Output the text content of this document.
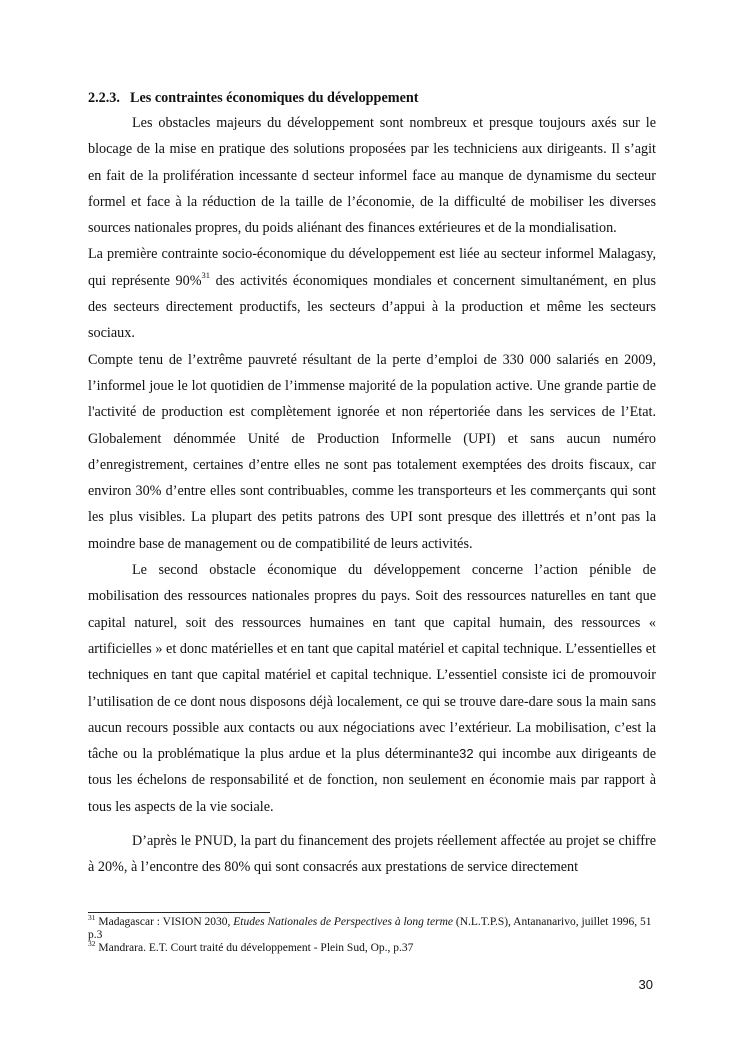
2.2.3. Les contraintes économiques du développement

Les obstacles majeurs du développement sont nombreux et presque toujours axés sur le blocage de la mise en pratique des solutions proposées par les techniciens aux dirigeants. Il s’agit en fait de la prolifération incessante d secteur informel face au manque de dynamisme du secteur formel et face à la réduction de la taille de l’économie, de la difficulté de mobiliser les diverses sources nationales propres, du poids aliénant des finances extérieures et de la mondialisation.

La première contrainte socio-économique du développement est liée au secteur informel Malagasy, qui représente 90%$^{31}$ des activités économiques mondiales et concernent simultanément, en plus des secteurs directement productifs, les secteurs d’appui à la production et même les secteurs sociaux.

Compte tenu de l’extrême pauvreté résultant de la perte d’emploi de 330 000 salariés en 2009, l’informel joue le lot quotidien de l’immense majorité de la population active. Une grande partie de l'activité de production est complètement ignorée et non répertoriée dans les services de l’Etat. Globalement dénommée Unité de Production Informelle (UPI) et sans aucun numéro d’enregistrement, certaines d’entre elles ne sont pas totalement exemptées des droits fiscaux, car environ 30% d’entre elles sont contribuables, comme les transporteurs et les commerçants qui sont les plus visibles. La plupart des petits patrons des UPI sont presque des illettrés et n’ont pas la moindre base de management ou de compatibilité de leurs activités.

Le second obstacle économique du développement concerne l’action pénible de mobilisation des ressources nationales propres du pays. Soit des ressources naturelles en tant que capital naturel, soit des ressources humaines en tant que capital humain, des ressources « artificielles » et donc matérielles et en tant que capital matériel et capital technique. L’essentielles et techniques en tant que capital matériel et capital technique. L’essentiel consiste ici de promouvoir l’utilisation de ce dont nous disposons déjà localement, ce qui se trouve dare-dare sous la main sans aucun recours possible aux contacts ou aux négociations avec l’extérieur. La mobilisation, c’est la tâche ou la problématique la plus ardue et la plus déterminante32 qui incombe aux dirigeants de tous les échelons de responsabilité et de fonction, non seulement en économie mais par rapport à tous les aspects de la vie sociale.

D’après le PNUD, la part du financement des projets réellement affectée au projet se chiffre à 20%, à l’encontre des 80% qui sont consacrés aux prestations de service directement

$^{31}$ Madagascar : VISION 2030, Etudes Nationales de Perspectives à long terme (N.L.T.P.S), Antananarivo, juillet 1996, 51 p.3
$^{32}$ Mandrara. E.T. Court traité du développement - Plein Sud, Op., p.37
30
